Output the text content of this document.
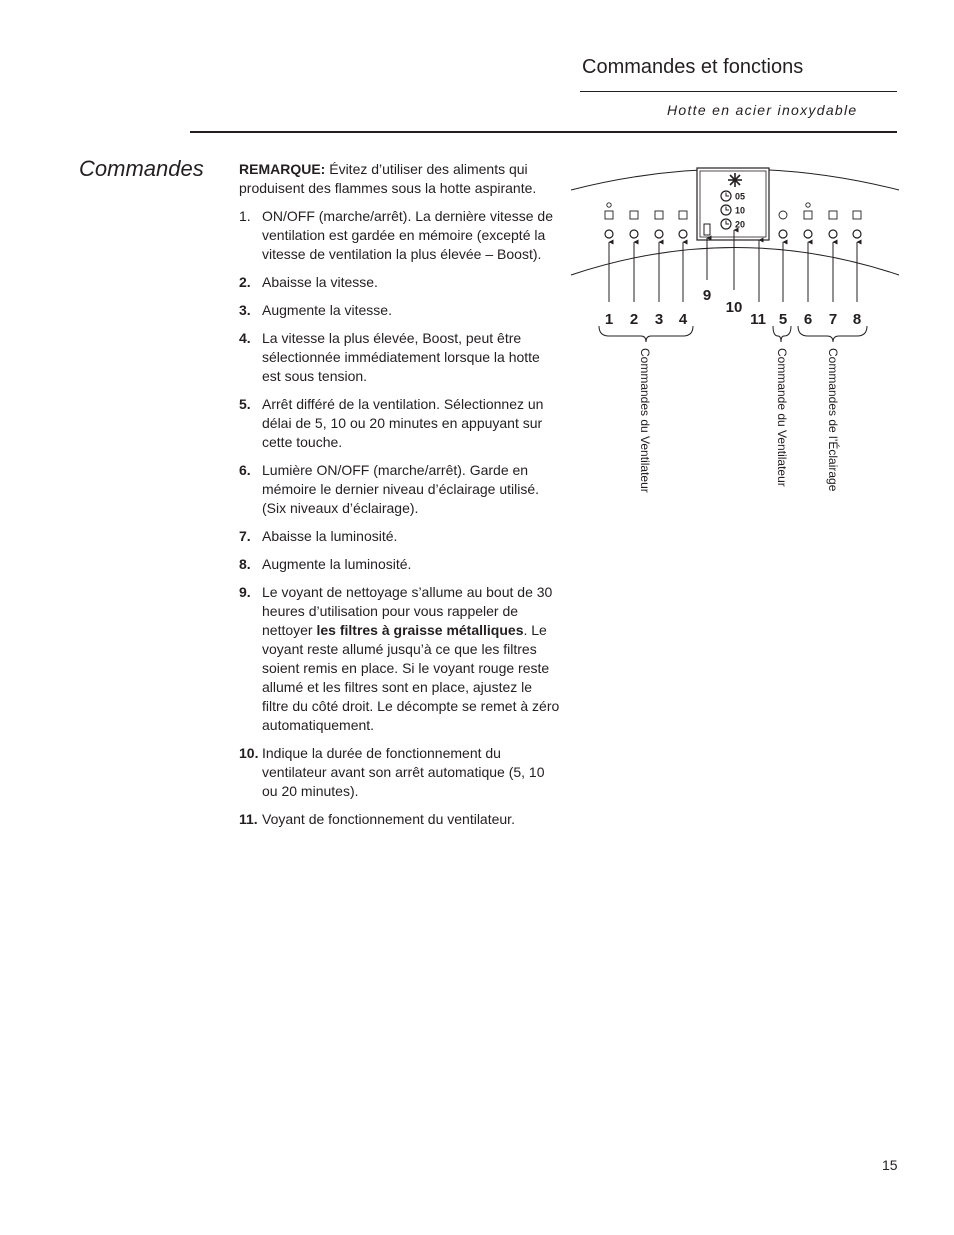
Commandes et fonctions
Hotte en acier inoxydable
Commandes	REMARQUE: Évitez d’utiliser des aliments qui produisent des flammes sous la hotte aspirante.

1. ON/OFF (marche/arrêt). La dernière vitesse de ventilation est gardée en mémoire (excepté la vitesse de ventilation la plus élevée – Boost).
2. Abaisse la vitesse.
3. Augmente la vitesse.
4. La vitesse la plus élevée, Boost, peut être sélectionnée immédiatement lorsque la hotte est sous tension.
5. Arrêt différé de la ventilation. Sélectionnez un délai de 5, 10 ou 20 minutes en appuyant sur cette touche.
6. Lumière ON/OFF (marche/arrêt). Garde en mémoire le dernier niveau d’éclairage utilisé. (Six niveaux d’éclairage).
7. Abaisse la luminosité.
8. Augmente la luminosité.
9. Le voyant de nettoyage s’allume au bout de 30 heures d’utilisation pour vous rappeler de nettoyer les filtres à graisse métalliques. Le voyant reste allumé jusqu’à ce que les filtres soient remis en place. Si le voyant rouge reste allumé et les filtres sont en place, ajustez le filtre du côté droit. Le décompte se remet à zéro automatiquement.
10. Indique la durée de fonctionnement du ventilateur avant son arrêt automatique (5, 10 ou 20 minutes).
11. Voyant de fonctionnement du ventilateur.
05
10
20
1 2 3 4	5 6 7 8
9
10
11
Commandes du Ventilateur	Commande du Ventilateur	Commandes de l’Éclairage
15
